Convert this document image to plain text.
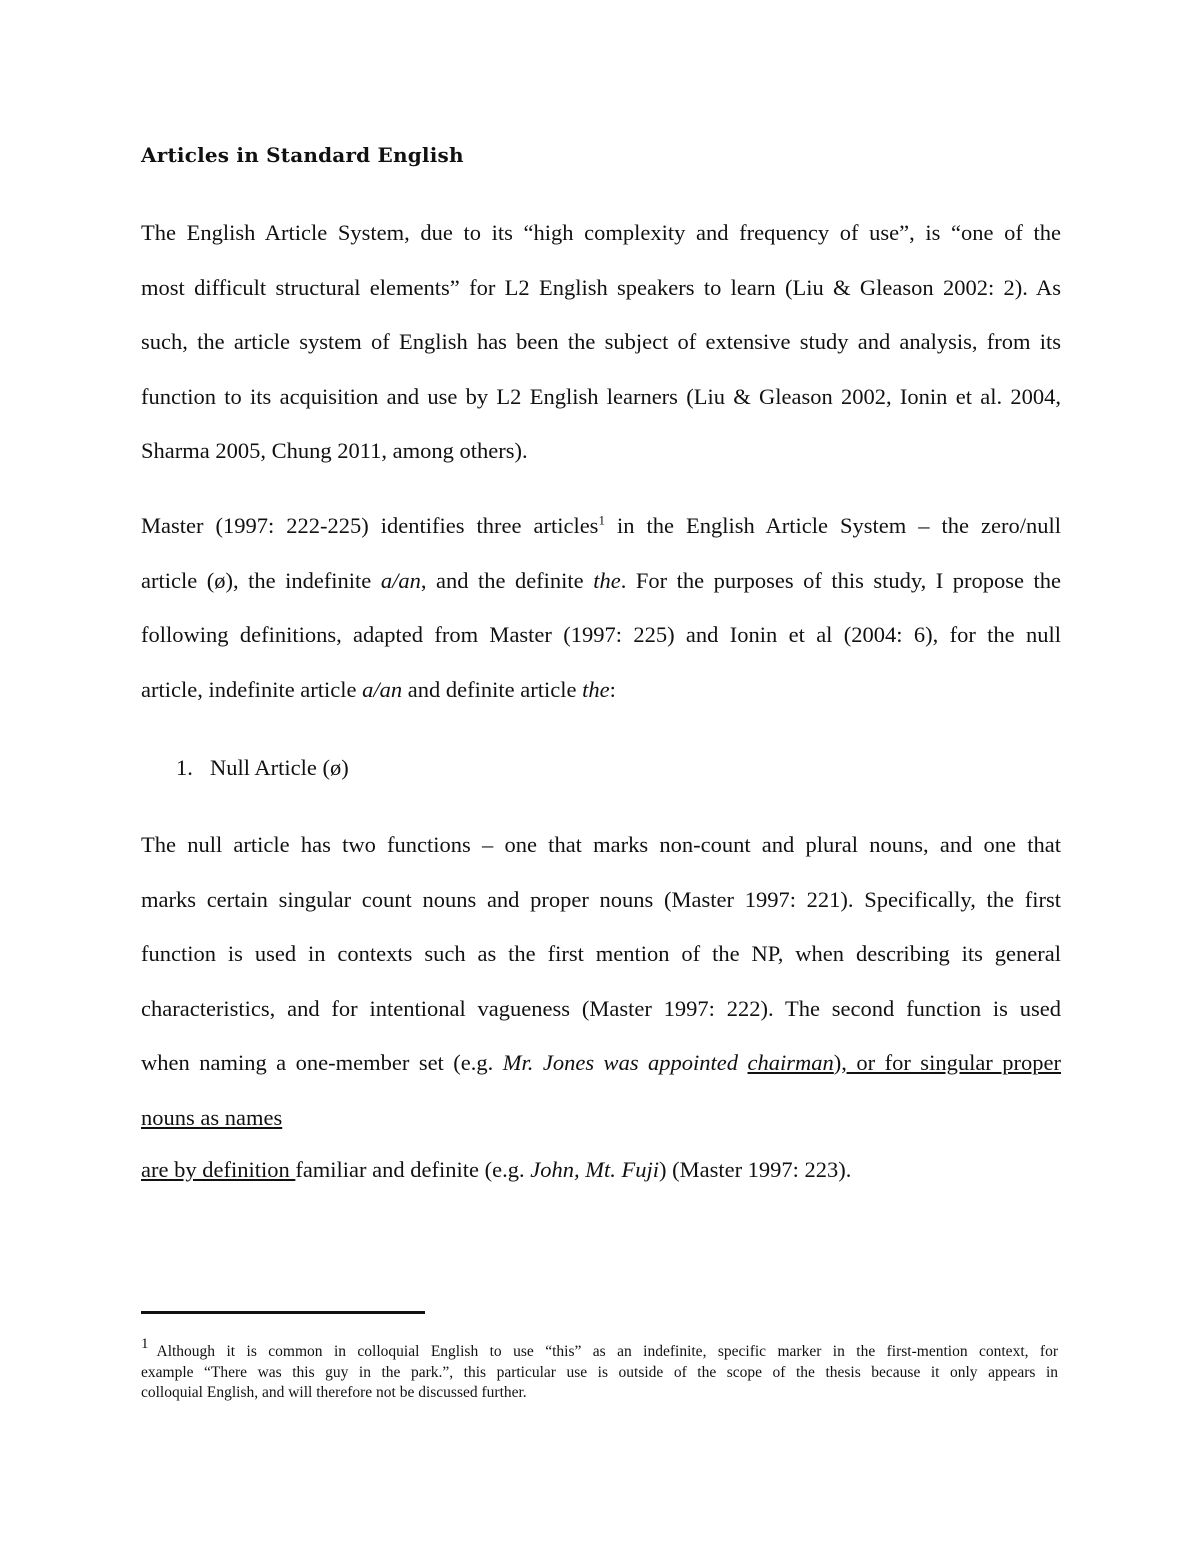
Articles in Standard English
The English Article System, due to its “high complexity and frequency of use”, is “one of the
most difficult structural elements” for L2 English speakers to learn (Liu & Gleason 2002: 2). As
such, the article system of English has been the subject of extensive study and analysis, from its
function to its acquisition and use by L2 English learners (Liu & Gleason 2002, Ionin et al. 2004,
Sharma 2005, Chung 2011, among others).
Master (1997: 222-225) identifies three articles$^1$ in the English Article System – the zero/null
article (ø), the indefinite a/an, and the definite the. For the purposes of this study, I propose the
following definitions, adapted from Master (1997: 225) and Ionin et al (2004: 6), for the null
article, indefinite article a/an and definite article the:
1. Null Article (ø)
The null article has two functions – one that marks non-count and plural nouns, and one that
marks certain singular count nouns and proper nouns (Master 1997: 221). Specifically, the first
function is used in contexts such as the first mention of the NP, when describing its general
characteristics, and for intentional vagueness (Master 1997: 222). The second function is used
when naming a one-member set (e.g. Mr. Jones was appointed chairman), or for singular proper
nouns as names
are by definition familiar and definite (e.g. John, Mt. Fuji) (Master 1997: 223).
1 Although it is common in colloquial English to use “this” as an indefinite, specific marker in the first-mention context, for
example “There was this guy in the park.”, this particular use is outside of the scope of the thesis because it only appears in
colloquial English, and will therefore not be discussed further.
